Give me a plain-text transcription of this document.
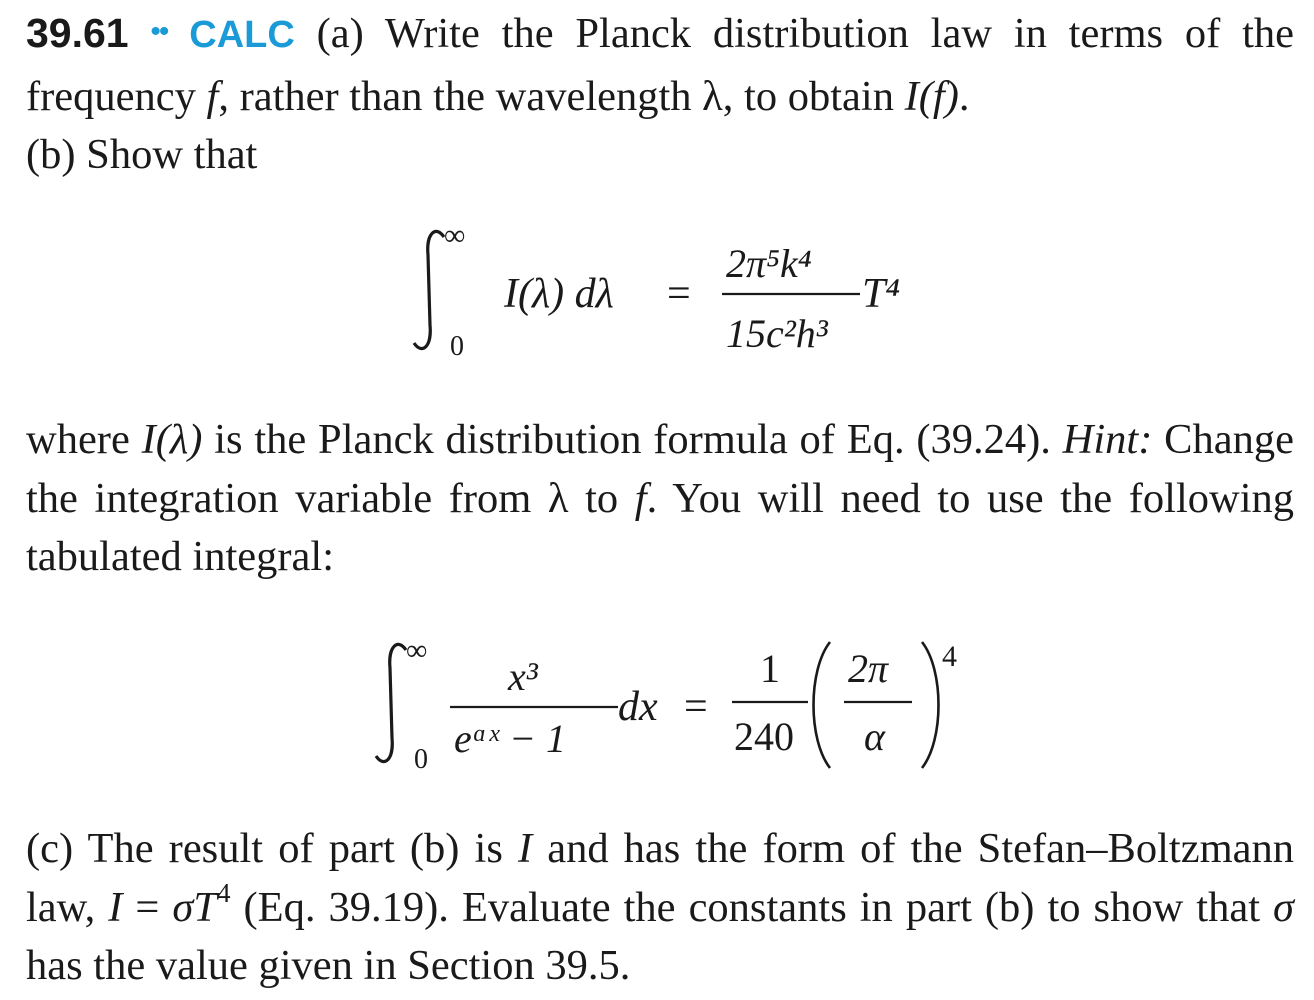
39.61 •• CALC (a) Write the Planck distribution law in terms of the frequency f, rather than the wavelength λ, to obtain I(f).
(b) Show that

∞
0
I(λ) dλ =
2π⁵k⁴
15c²h³
T⁴

where I(λ) is the Planck distribution formula of Eq. (39.24). Hint: Change the integration variable from λ to f. You will need to use the following tabulated integral:

∞
0
x³
eᵅˣ − 1
dx =
1
240
2π
α
4

(c) The result of part (b) is I and has the form of the Stefan–Boltzmann law, $I = \sigma T^4$ (Eq. 39.19). Evaluate the constants in part (b) to show that σ has the value given in Section 39.5.
